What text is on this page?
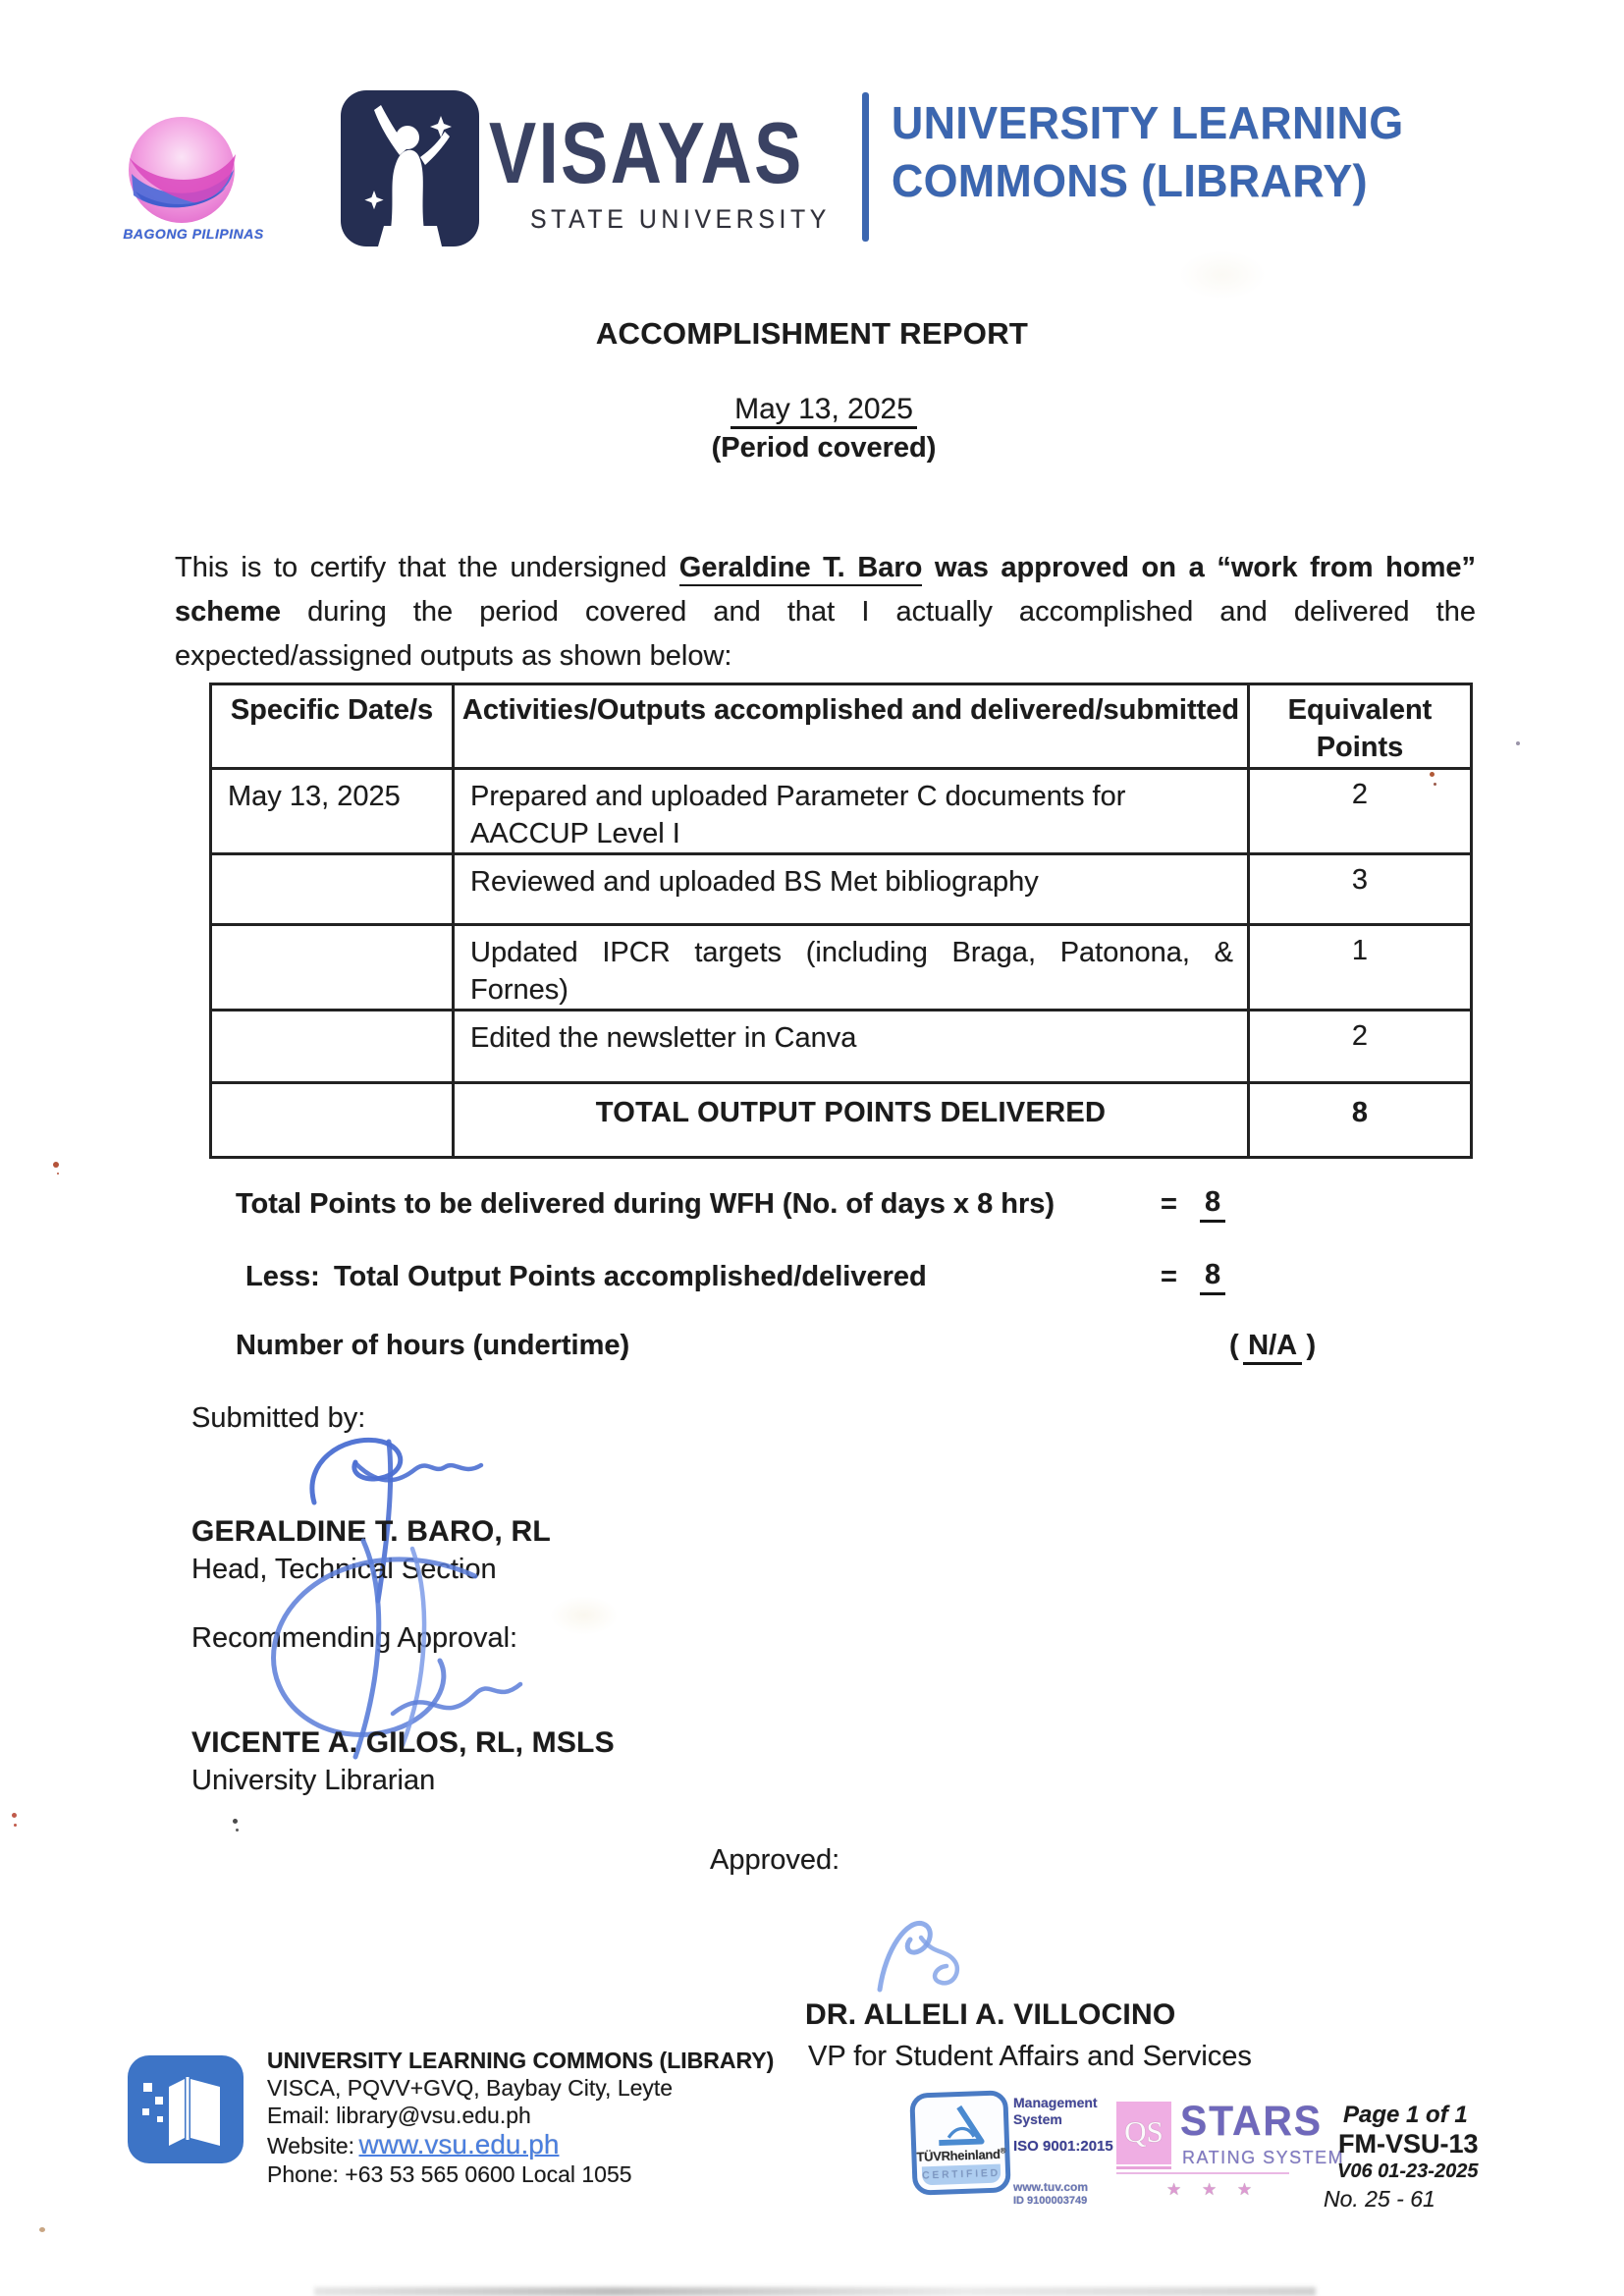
BAGONG PILIPINAS
VISAYAS
STATE UNIVERSITY
UNIVERSITY LEARNING
COMMONS (LIBRARY)
ACCOMPLISHMENT REPORT
May 13, 2025
(Period covered)
This is to certify that the undersigned Geraldine T. Baro was approved on a “work from home” scheme during the period covered and that I actually accomplished and delivered the expected/assigned outputs as shown below:
Specific Date/s	Activities/Outputs accomplished and delivered/submitted	Equivalent Points
May 13, 2025	Prepared and uploaded Parameter C documents for AACCUP Level I	2
	Reviewed and uploaded BS Met bibliography	3

	Updated IPCR targets (including Braga, Patonona, & Fornes)	1
	Edited the newsletter in Canva	2
	TOTAL OUTPUT POINTS DELIVERED	8
Total Points to be delivered during WFH (No. of days x 8 hrs)	= 8
Less: Total Output Points accomplished/delivered	= 8
Number of hours (undertime)	( N/A )
Submitted by:
GERALDINE T. BARO, RL
Head, Technical Section
Recommending Approval:
VICENTE A. GILOS, RL, MSLS
University Librarian
Approved:
DR. ALLELI A. VILLOCINO
VP for Student Affairs and Services
UNIVERSITY LEARNING COMMONS (LIBRARY)
VISCA, PQVV+GVQ, Baybay City, Leyte
Email: library@vsu.edu.ph
Website: www.vsu.edu.ph
Phone: +63 53 565 0600 Local 1055
TÜVRheinland®
CERTIFIED
Management
System
ISO 9001:2015
www.tuv.com
ID 9100003749
QS STARS
RATING SYSTEM
★ ★ ★
Page 1 of 1
FM-VSU-13
V06 01-23-2025
No. 25 - 61
